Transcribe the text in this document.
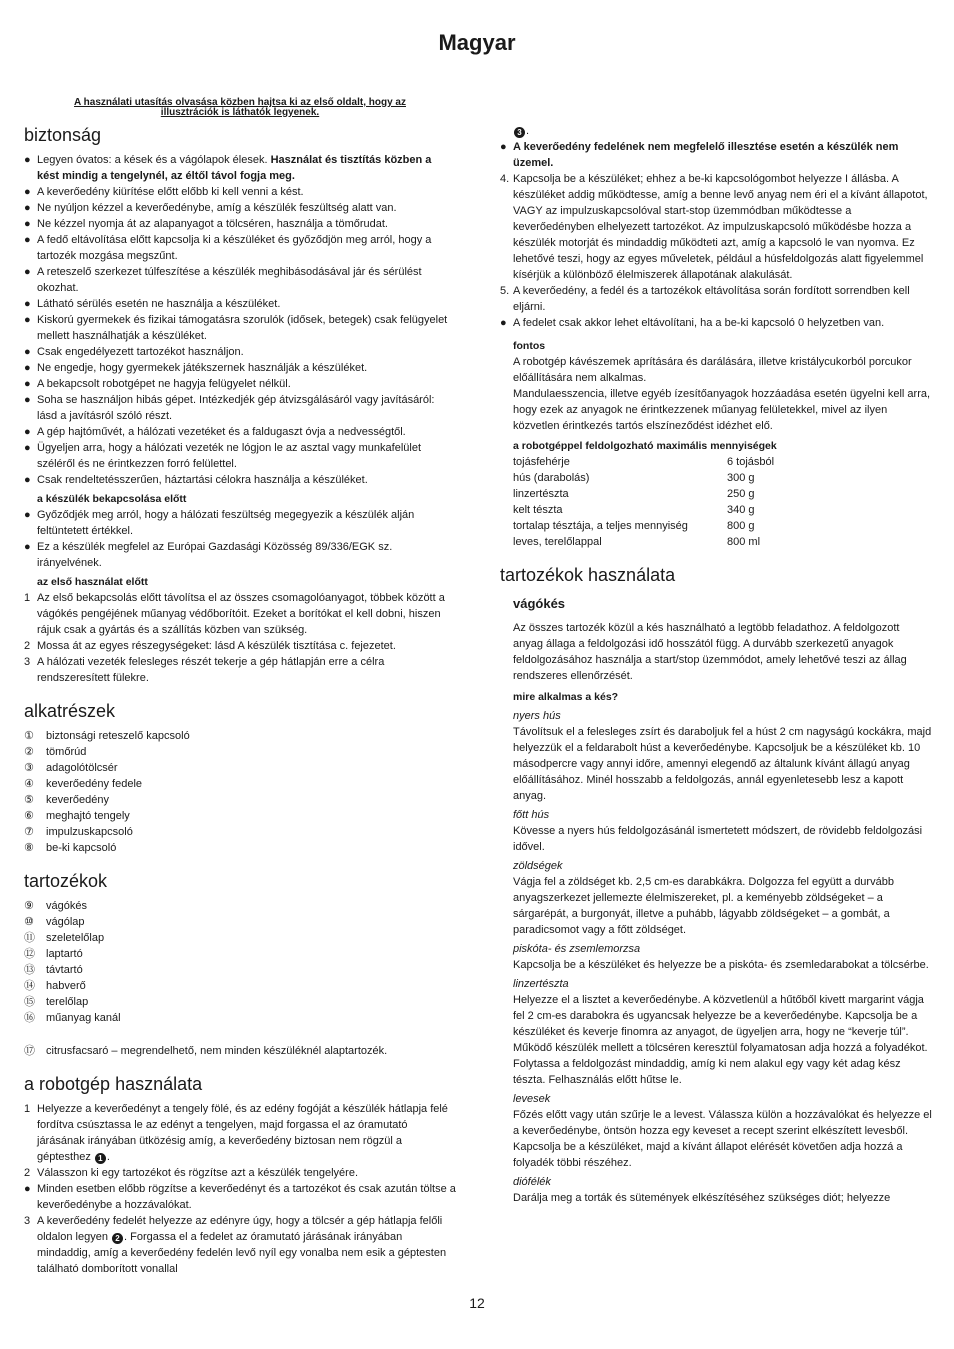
Magyar
A használati utasítás olvasása közben hajtsa ki az első oldalt, hogy az illusztrációk is láthatók legyenek.
biztonság
● Legyen óvatos: a kések és a vágólapok élesek. Használat és tisztítás közben a kést mindig a tengelynél, az éltől távol fogja meg.
● A keverőedény kiürítése előtt előbb ki kell venni a kést.
● Ne nyúljon kézzel a keverőedénybe, amíg a készülék feszültség alatt van.
● Ne kézzel nyomja át az alapanyagot a tölcséren, használja a tömőrudat.
● A fedő eltávolítása előtt kapcsolja ki a készüléket és győződjön meg arról, hogy a tartozék mozgása megszűnt.
● A reteszelő szerkezet túlfeszítése a készülék meghibásodásával jár és sérülést okozhat.
● Látható sérülés esetén ne használja a készüléket.
● Kiskorú gyermekek és fizikai támogatásra szorulók (idősek, betegek) csak felügyelet mellett használhatják a készüléket.
● Csak engedélyezett tartozékot használjon.
● Ne engedje, hogy gyermekek játékszernek használják a készüléket.
● A bekapcsolt robotgépet ne hagyja felügyelet nélkül.
● Soha se használjon hibás gépet. Intézkedjék gép átvizsgálásáról vagy javításáról: lásd a javításról szóló részt.
● A gép hajtóművét, a hálózati vezetéket és a faldugaszt óvja a nedvességtől.
● Ügyeljen arra, hogy a hálózati vezeték ne lógjon le az asztal vagy munkafelület széléről és ne érintkezzen forró felülettel.
● Csak rendeltetésszerűen, háztartási célokra használja a készüléket.
a készülék bekapcsolása előtt
● Győződjék meg arról, hogy a hálózati feszültség megegyezik a készülék alján feltüntetett értékkel.
● Ez a készülék megfelel az Európai Gazdasági Közösség 89/336/EGK sz. irányelvének.
az első használat előtt
1 Az első bekapcsolás előtt távolítsa el az összes csomagolóanyagot, többek között a vágókés pengéjének műanyag védőborítóit. Ezeket a borítókat el kell dobni, hiszen rájuk csak a gyártás és a szállítás közben van szükség.
2 Mossa át az egyes részegységeket: lásd A készülék tisztítása c. fejezetet.
3 A hálózati vezeték felesleges részét tekerje a gép hátlapján erre a célra rendszeresített fülekre.
alkatrészek
① biztonsági reteszelő kapcsoló
② tömőrúd
③ adagolótölcsér
④ keverőedény fedele
⑤ keverőedény
⑥ meghajtó tengely
⑦ impulzuskapcsoló
⑧ be-ki kapcsoló
tartozékok
⑨ vágókés
⑩ vágólap
⑪ szeletelőlap
⑫ laptartó
⑬ távtartó
⑭ habverő
⑮ terelőlap
⑯ műanyag kanál
⑰ citrusfacsaró – megrendelhető, nem minden készüléknél alaptartozék.
a robotgép használata
1 Helyezze a keverőedényt a tengely fölé, és az edény fogóját a készülék hátlapja felé fordítva csúsztassa le az edényt a tengelyen, majd forgassa el az óramutató járásának irányában ütközésig amíg, a keverőedény biztosan nem rögzül a géptesthez 1 .
2 Válasszon ki egy tartozékot és rögzítse azt a készülék tengelyére.
● Minden esetben előbb rögzítse a keverőedényt és a tartozékot és csak azután töltse a keverőedénybe a hozzávalókat.
3 A keverőedény fedelét helyezze az edényre úgy, hogy a tölcsér a gép hátlapja felőli oldalon legyen 2 . Forgassa el a fedelet az óramutató járásának irányában mindaddig, amíg a keverőedény fedelén levő nyíl egy vonalba nem esik a géptesten található domborított vonallal
3 .
● A keverőedény fedelének nem megfelelő illesztése esetén a készülék nem üzemel.
4. Kapcsolja be a készüléket; ehhez a be-ki kapcsológombot helyezze I állásba. A készüléket addig működtesse, amíg a benne levő anyag nem éri el a kívánt állapotot, VAGY az impulzuskapcsolóval start-stop üzemmódban működtesse a keverőedényben elhelyezett tartozékot. Az impulzuskapcsoló működésbe hozza a készülék motorját és mindaddig működteti azt, amíg a kapcsoló le van nyomva. Ez lehetővé teszi, hogy az egyes műveletek, például a húsfeldolgozás alatt figyelemmel kísérjük a különböző élelmiszerek állapotának alakulását.
5. A keverőedény, a fedél és a tartozékok eltávolítása során fordított sorrendben kell eljárni.
● A fedelet csak akkor lehet eltávolítani, ha a be-ki kapcsoló 0 helyzetben van.
fontos
A robotgép kávészemek aprítására és darálására, illetve kristálycukorból porcukor előállítására nem alkalmas.
Mandulaesszencia, illetve egyéb ízesítőanyagok hozzáadása esetén ügyelni kell arra, hogy ezek az anyagok ne érintkezzenek műanyag felületekkel, mivel az ilyen közvetlen érintkezés tartós elszíneződést idézhet elő.
a robotgéppel feldolgozható maximális mennyiségek
tojásfehérje	6 tojásból
hús (darabolás)	300 g
linzertészta	250 g
kelt tészta	340 g
tortalap tésztája, a teljes mennyiség	800 g
leves, terelőlappal	800 ml
tartozékok használata
vágókés
Az összes tartozék közül a kés használható a legtöbb feladathoz. A feldolgozott anyag állaga a feldolgozási idő hosszától függ. A durvább szerkezetű anyagok feldolgozásához használja a start/stop üzemmódot, amely lehetővé teszi az állag rendszeres ellenőrzését.
mire alkalmas a kés?
nyers hús
Távolítsuk el a felesleges zsírt és daraboljuk fel a húst 2 cm nagyságú kockákra, majd helyezzük el a feldarabolt húst a keverőedénybe. Kapcsoljuk be a készüléket kb. 10 másodpercre vagy annyi időre, amennyi elegendő az általunk kívánt állagú anyag előállításához. Minél hosszabb a feldolgozás, annál egyenletesebb lesz a kapott anyag.
főtt hús
Kövesse a nyers hús feldolgozásánál ismertetett módszert, de rövidebb feldolgozási idővel.
zöldségek
Vágja fel a zöldséget kb. 2,5 cm-es darabkákra. Dolgozza fel együtt a durvább anyagszerkezet jellemezte élelmiszereket, pl. a keményebb zöldségeket – a sárgarépát, a burgonyát, illetve a puhább, lágyabb zöldségeket – a gombát, a paradicsomot vagy a főtt zöldséget.
piskóta- és zsemlemorzsa
Kapcsolja be a készüléket és helyezze be a piskóta- és zsemledarabokat a tölcsérbe.
linzertészta
Helyezze el a lisztet a keverőedénybe. A közvetlenül a hűtőből kivett margarint vágja fel 2 cm-es darabokra és ugyancsak helyezze be a keverőedénybe. Kapcsolja be a készüléket és keverje finomra az anyagot, de ügyeljen arra, hogy ne “keverje túl”. Működő készülék mellett a tölcséren keresztül folyamatosan adja hozzá a folyadékot. Folytassa a feldolgozást mindaddig, amíg ki nem alakul egy vagy két adag kész tészta. Felhasználás előtt hűtse le.
levesek
Főzés előtt vagy után szűrje le a levest. Válassza külön a hozzávalókat és helyezze el a keverőedénybe, öntsön hozza egy keveset a recept szerint elkészített levesből. Kapcsolja be a készüléket, majd a kívánt állapot elérését követően adja hozzá a folyadék többi részéhez.
diófélék
Darálja meg a torták és sütemények elkészítéséhez szükséges diót; helyezze
12
